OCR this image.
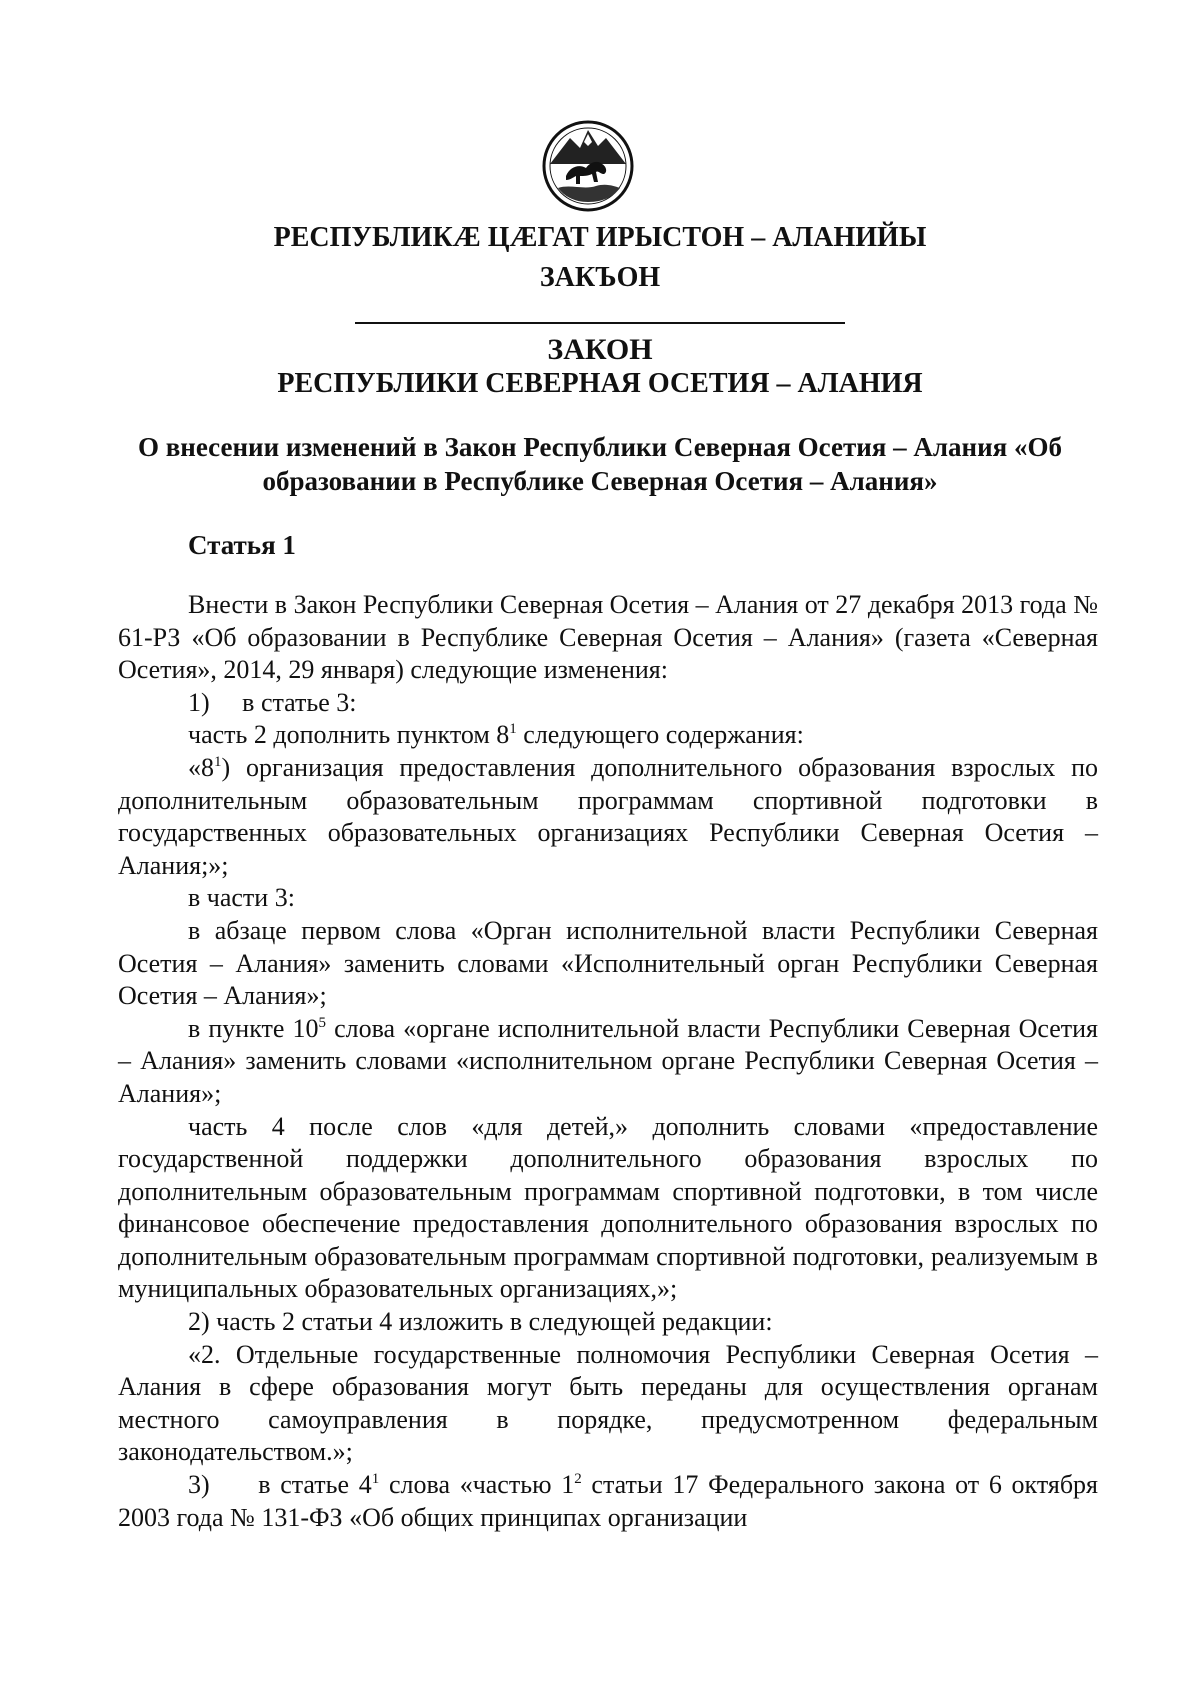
РЕСПУБЛИКÆ ЦÆГАТ ИРЫСТОН – АЛАНИЙЫ
ЗАКЪОН
ЗАКОН
РЕСПУБЛИКИ СЕВЕРНАЯ ОСЕТИЯ – АЛАНИЯ
О внесении изменений в Закон Республики Северная Осетия – Алания «Об
образовании в Республике Северная Осетия – Алания»
Статья 1

Внести в Закон Республики Северная Осетия – Алания от 27 декабря 2013 года № 61-РЗ «Об образовании в Республике Северная Осетия – Алания» (газета «Северная Осетия», 2014, 29 января) следующие изменения:

1) в статье 3:

часть 2 дополнить пунктом $8^1$ следующего содержания:

«$8^1$) организация предоставления дополнительного образования взрослых по дополнительным образовательным программам спортивной подготовки в государственных образовательных организациях Республики Северная Осетия – Алания;»;

в части 3:

в абзаце первом слова «Орган исполнительной власти Республики Северная Осетия – Алания» заменить словами «Исполнительный орган Республики Северная Осетия – Алания»;

в пункте $10^5$ слова «органе исполнительной власти Республики Северная Осетия – Алания» заменить словами «исполнительном органе Республики Северная Осетия – Алания»;

часть 4 после слов «для детей,» дополнить словами «предоставление государственной поддержки дополнительного образования взрослых по дополнительным образовательным программам спортивной подготовки, в том числе финансовое обеспечение предоставления дополнительного образования взрослых по дополнительным образовательным программам спортивной подготовки, реализуемым в муниципальных образовательных организациях,»;

2) часть 2 статьи 4 изложить в следующей редакции:

«2. Отдельные государственные полномочия Республики Северная Осетия – Алания в сфере образования могут быть переданы для осуществления органам местного самоуправления в порядке, предусмотренном федеральным законодательством.»;

3)     в статье $4^1$ слова «частью $1^2$ статьи 17 Федерального закона от 6 октября 2003 года № 131-ФЗ «Об общих принципах организации
